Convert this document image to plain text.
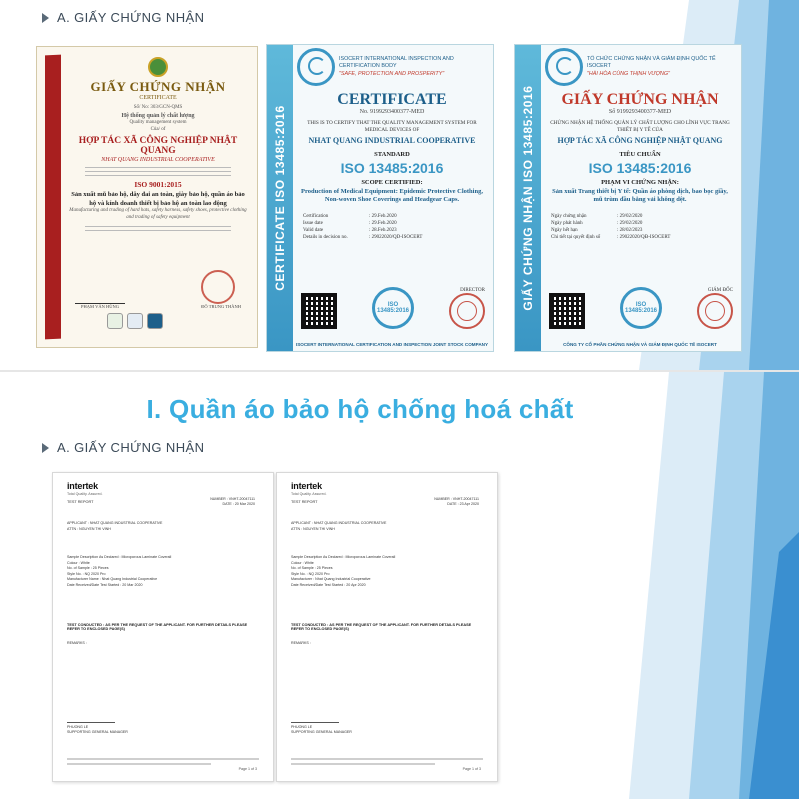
A. GIẤY CHỨNG NHẬN
GIẤY CHỨNG NHẬN
CERTIFICATE
Số/ No: 303/GCN-QMS
Hệ thống quản lý chất lượng
Quality management system
Của/ of
HỢP TÁC XÃ CÔNG NGHIỆP NHẬT QUANG
NHAT QUANG INDUSTRIAL COOPERATIVE
ISO 9001:2015
Sản xuất mũ bảo hộ, dây đai an toàn, giày bảo hộ, quần áo bảo hộ và kính doanh thiết bị bảo hộ an toàn lao động
Manufacturing and trading of hard hats, safety harness, safety shoes, protective clothing and trading of safety equipment
PHẠM VĂN HÙNG	ĐỖ TRUNG THÀNH
CERTIFICATE ISO 13485:2016
ISOCERT INTERNATIONAL INSPECTION AND CERTIFICATION BODY
"SAFE, PROTECTION AND PROSPERITY"
CERTIFICATE
No. 9199293400377-MED
THIS IS TO CERTIFY THAT THE QUALITY MANAGEMENT SYSTEM FOR MEDICAL DEVICES OF
NHAT QUANG INDUSTRIAL COOPERATIVE
STANDARD
ISO 13485:2016
SCOPE CERTIFIED:
Production of Medical Equipment: Epidemic Protective Clothing, Non-woven Shoe Coverings and Headgear Caps.
Certification	: 29.Feb.2020
Issue date	: 29.Feb.2020
Valid date	: 28.Feb.2023
Details in decision no.	: 29022020/QD-ISOCERT
ISO 13485:2016
DIRECTOR
ISOCERT INTERNATIONAL CERTIFICATION AND INSPECTION JOINT STOCK COMPANY
GIẤY CHỨNG NHẬN ISO 13485:2016
TỔ CHỨC CHỨNG NHẬN VÀ GIÁM ĐỊNH QUỐC TẾ ISOCERT
"HÀI HÒA CÙNG THỊNH VƯỢNG"
GIẤY CHỨNG NHẬN
Số 9199293400377-MED
CHỨNG NHẬN HỆ THỐNG QUẢN LÝ CHẤT LƯỢNG CHO LĨNH VỰC TRANG THIẾT BỊ Y TẾ CỦA
HỢP TÁC XÃ CÔNG NGHIỆP NHẬT QUANG
TIÊU CHUẨN
ISO 13485:2016
PHẠM VI CHỨNG NHẬN:
Sản xuất Trang thiết bị Y tế: Quần áo phòng dịch, bao bọc giầy, mũ trùm đầu bằng vải không dệt.
Ngày chứng nhận	: 29/02/2020
Ngày phát hành	: 29/02/2020
Ngày hết hạn	: 28/02/2023
Chi tiết tại quyết định số	: 29022020/QĐ-ISOCERT
ISO 13485:2016
GIÁM ĐỐC
CÔNG TY CỔ PHẦN CHỨNG NHẬN VÀ GIÁM ĐỊNH QUỐC TẾ ISOCERT
I. Quần áo bảo hộ chống hoá chất
A. GIẤY CHỨNG NHẬN
intertek
Total Quality. Assured.
TEST REPORT
NUMBER : VNHT-20047111
DATE : 20 Mar 2020
APPLICANT : NHAT QUANG INDUSTRIAL COOPERATIVE
ATTN : NGUYEN THI VINH
Sample Description As Declared : Microporous Laminate Coverall
Colour : White
No. of Sample : 25 Pieces
Style No. : NQ 2020 Pro
Manufacturer Name : Nhat Quang Industrial Cooperative
Date Received/Date Test Started : 20 Mar 2020
TEST CONDUCTED : AS PER THE REQUEST OF THE APPLICANT. FOR FURTHER DETAILS PLEASE REFER TO ENCLOSED PAGE(S)
REMARKS :
PHUONG LE
SUPPORTING GENERAL MANAGER
Page 1 of 3
intertek
Total Quality. Assured.
TEST REPORT
NUMBER : VNHT-20047111
DATE : 23 Apr 2020
APPLICANT : NHAT QUANG INDUSTRIAL COOPERATIVE
ATTN : NGUYEN THI VINH
Sample Description As Declared : Microporous Laminate Coverall
Colour : White
No. of Sample : 25 Pieces
Style No. : NQ 2020 Pro
Manufacturer : Nhat Quang Industrial Cooperative
Date Received/Date Test Started : 20 Apr 2020
TEST CONDUCTED : AS PER THE REQUEST OF THE APPLICANT. FOR FURTHER DETAILS PLEASE REFER TO ENCLOSED PAGE(S)
REMARKS :
PHUONG LE
SUPPORTING GENERAL MANAGER
Page 1 of 3
